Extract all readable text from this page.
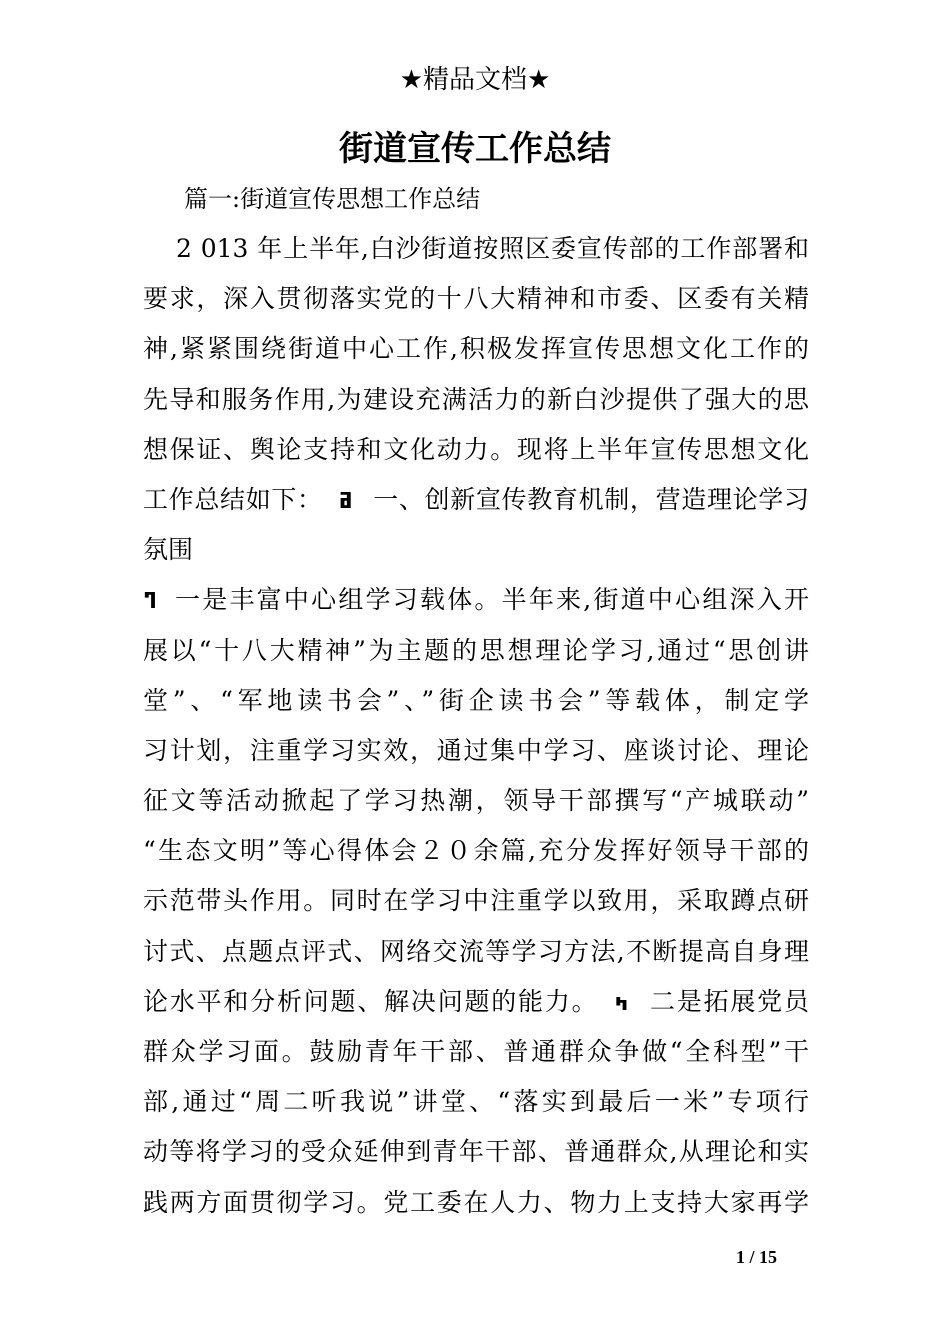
★精品文档★
街道宣传工作总结
篇一:街道宣传思想工作总结
2 013 年上半年,白沙街道按照区委宣传部的工作部署和
要求，深入贯彻落实党的十八大精神和市委、区委有关精
神,紧紧围绕街道中心工作,积极发挥宣传思想文化工作的
先导和服务作用,为建设充满活力的新白沙提供了强大的思
想保证、舆论支持和文化动力。现将上半年宣传思想文化
工作总结如下： ߥ 一、创新宣传教育机制，营造理论学习
氛围
ߣ 一是丰富中心组学习载体。半年来,街道中心组深入开
展以“十八大精神”为主题的思想理论学习,通过“思创讲
堂”、“军地读书会”、”街企读书会”等载体，制定学
习计划，注重学习实效，通过集中学习、座谈讨论、理论
征文等活动掀起了学习热潮，领导干部撰写“产城联动”
“生态文明”等心得体会２０余篇,充分发挥好领导干部的
示范带头作用。同时在学习中注重学以致用，采取蹲点研
讨式、点题点评式、网络交流等学习方法,不断提高自身理
论水平和分析问题、解决问题的能力。 ߤ 二是拓展党员
群众学习面。鼓励青年干部、普通群众争做“全科型”干
部,通过“周二听我说”讲堂、“落实到最后一米”专项行
动等将学习的受众延伸到青年干部、普通群众,从理论和实
践两方面贯彻学习。党工委在人力、物力上支持大家再学
1 / 15
